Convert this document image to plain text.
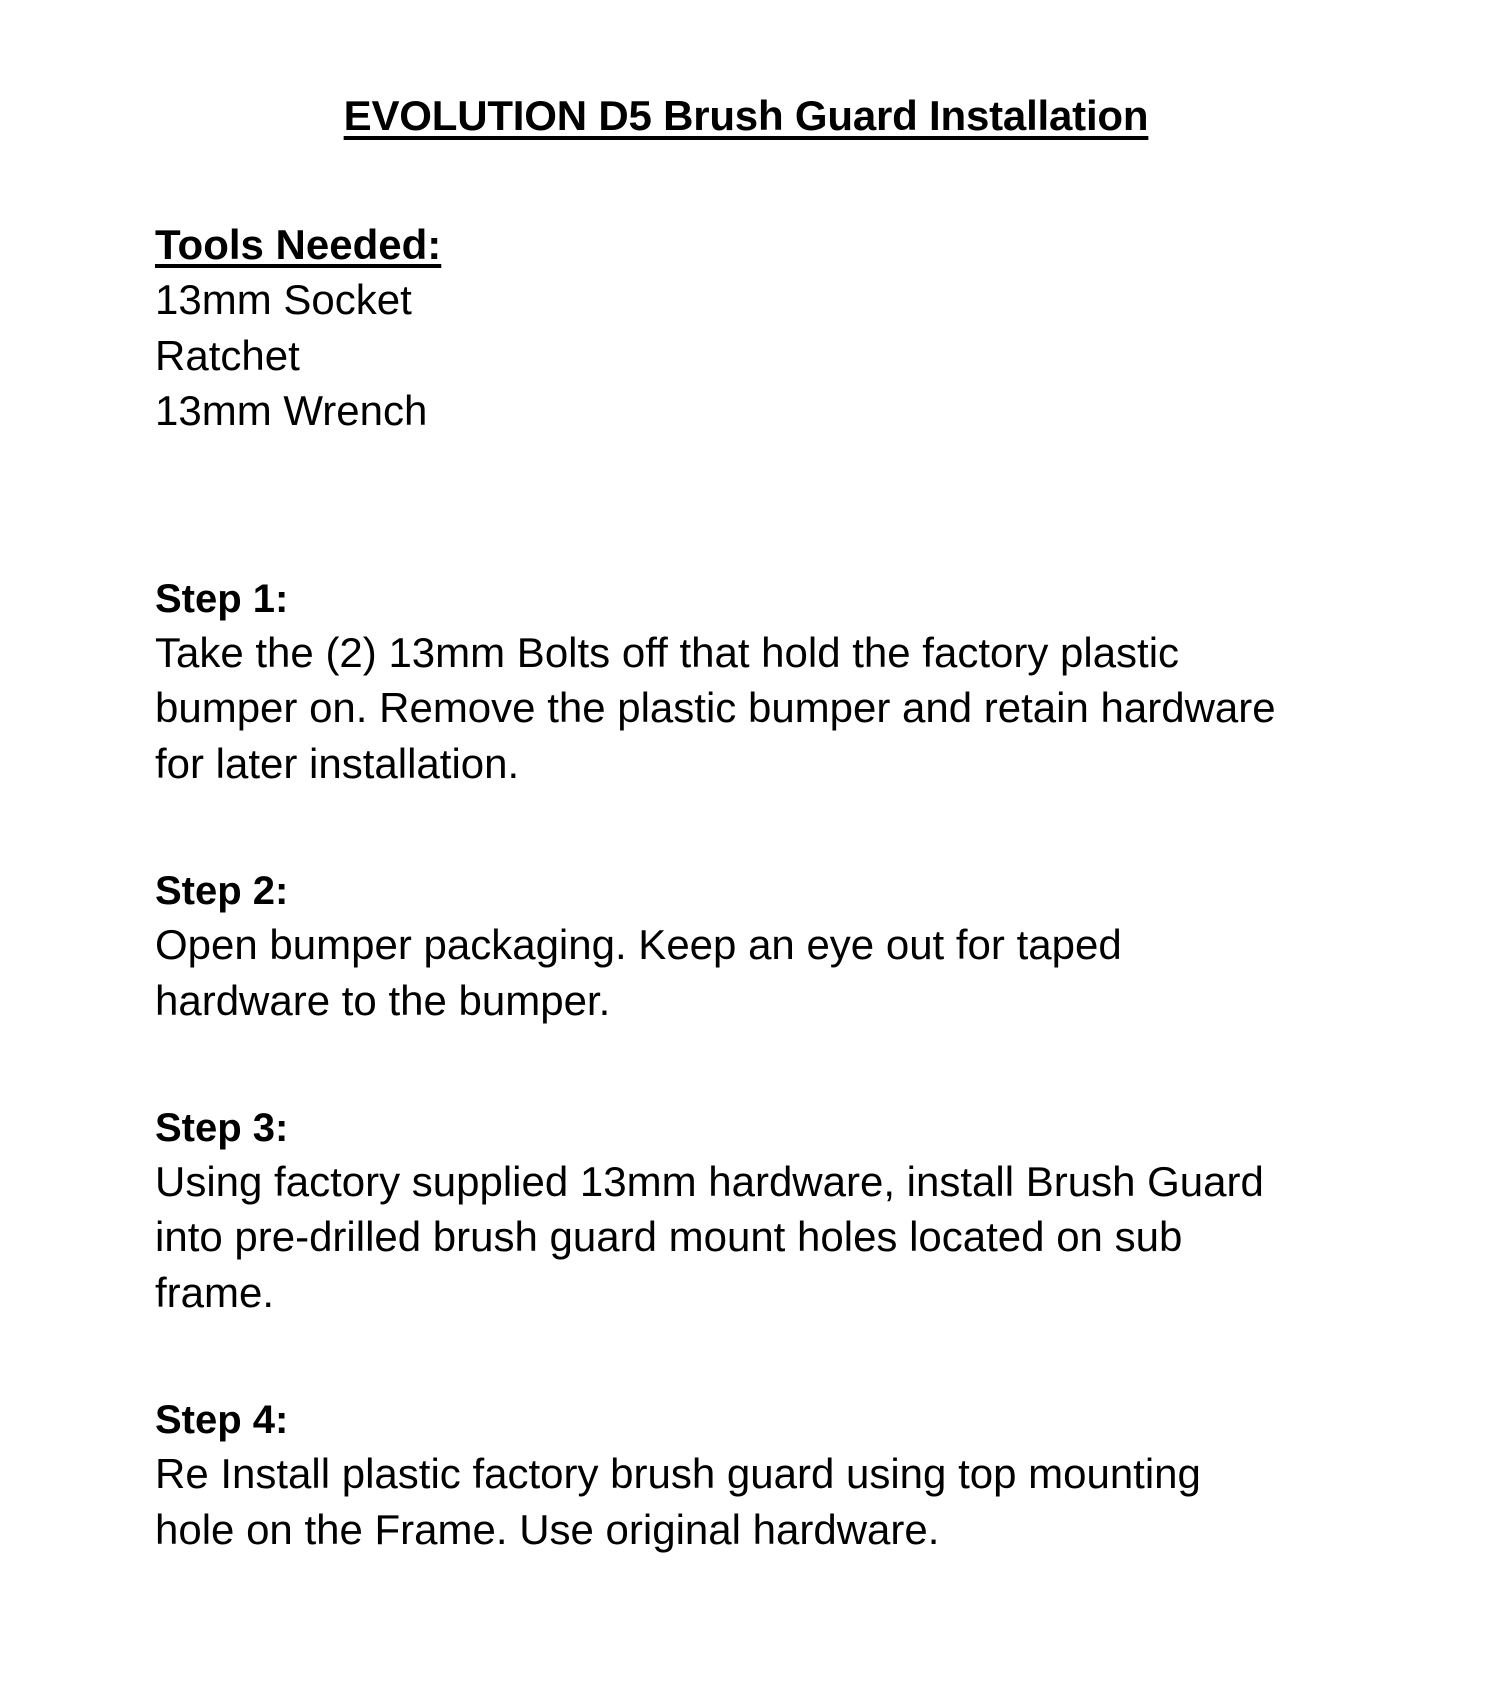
EVOLUTION D5 Brush Guard Installation

Tools Needed:

13mm Socket

Ratchet

13mm Wrench

Step 1:

Take the (2) 13mm Bolts off that hold the factory plastic bumper on. Remove the plastic bumper and retain hardware for later installation.

Step 2:

Open bumper packaging. Keep an eye out for taped hardware to the bumper.

Step 3:

Using factory supplied 13mm hardware, install Brush Guard into pre-drilled brush guard mount holes located on sub frame.

Step 4:

Re Install plastic factory brush guard using top mounting hole on the Frame. Use original hardware.
